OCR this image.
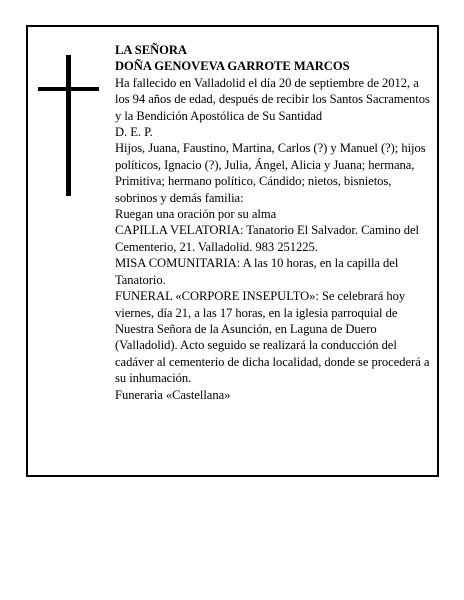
LA SEÑORA

DOÑA GENOVEVA GARROTE MARCOS

Ha fallecido en Valladolid el día 20 de septiembre de 2012, a los 94 años de edad, después de recibir los Santos Sacramentos y la Bendición Apostólica de Su Santidad

D. E. P.

Hijos, Juana, Faustino, Martina, Carlos (?) y Manuel (?); hijos políticos, Ignacio (?), Julia, Ángel, Alicia y Juana; hermana, Primitiva; hermano político, Cándido; nietos, bisnietos, sobrinos y demás familia:

Ruegan una oración por su alma

CAPILLA VELATORIA: Tanatorio El Salvador. Camino del Cementerio, 21. Valladolid. 983 251225.

MISA COMUNITARIA: A las 10 horas, en la capilla del Tanatorio.

FUNERAL «CORPORE INSEPULTO»: Se celebrará hoy viernes, día 21, a las 17 horas, en la iglesia parroquial de Nuestra Señora de la Asunción, en Laguna de Duero (Valladolid). Acto seguido se realizará la conducción del cadáver al cementerio de dicha localidad, donde se procederá a su inhumación.

Funeraria «Castellana»
